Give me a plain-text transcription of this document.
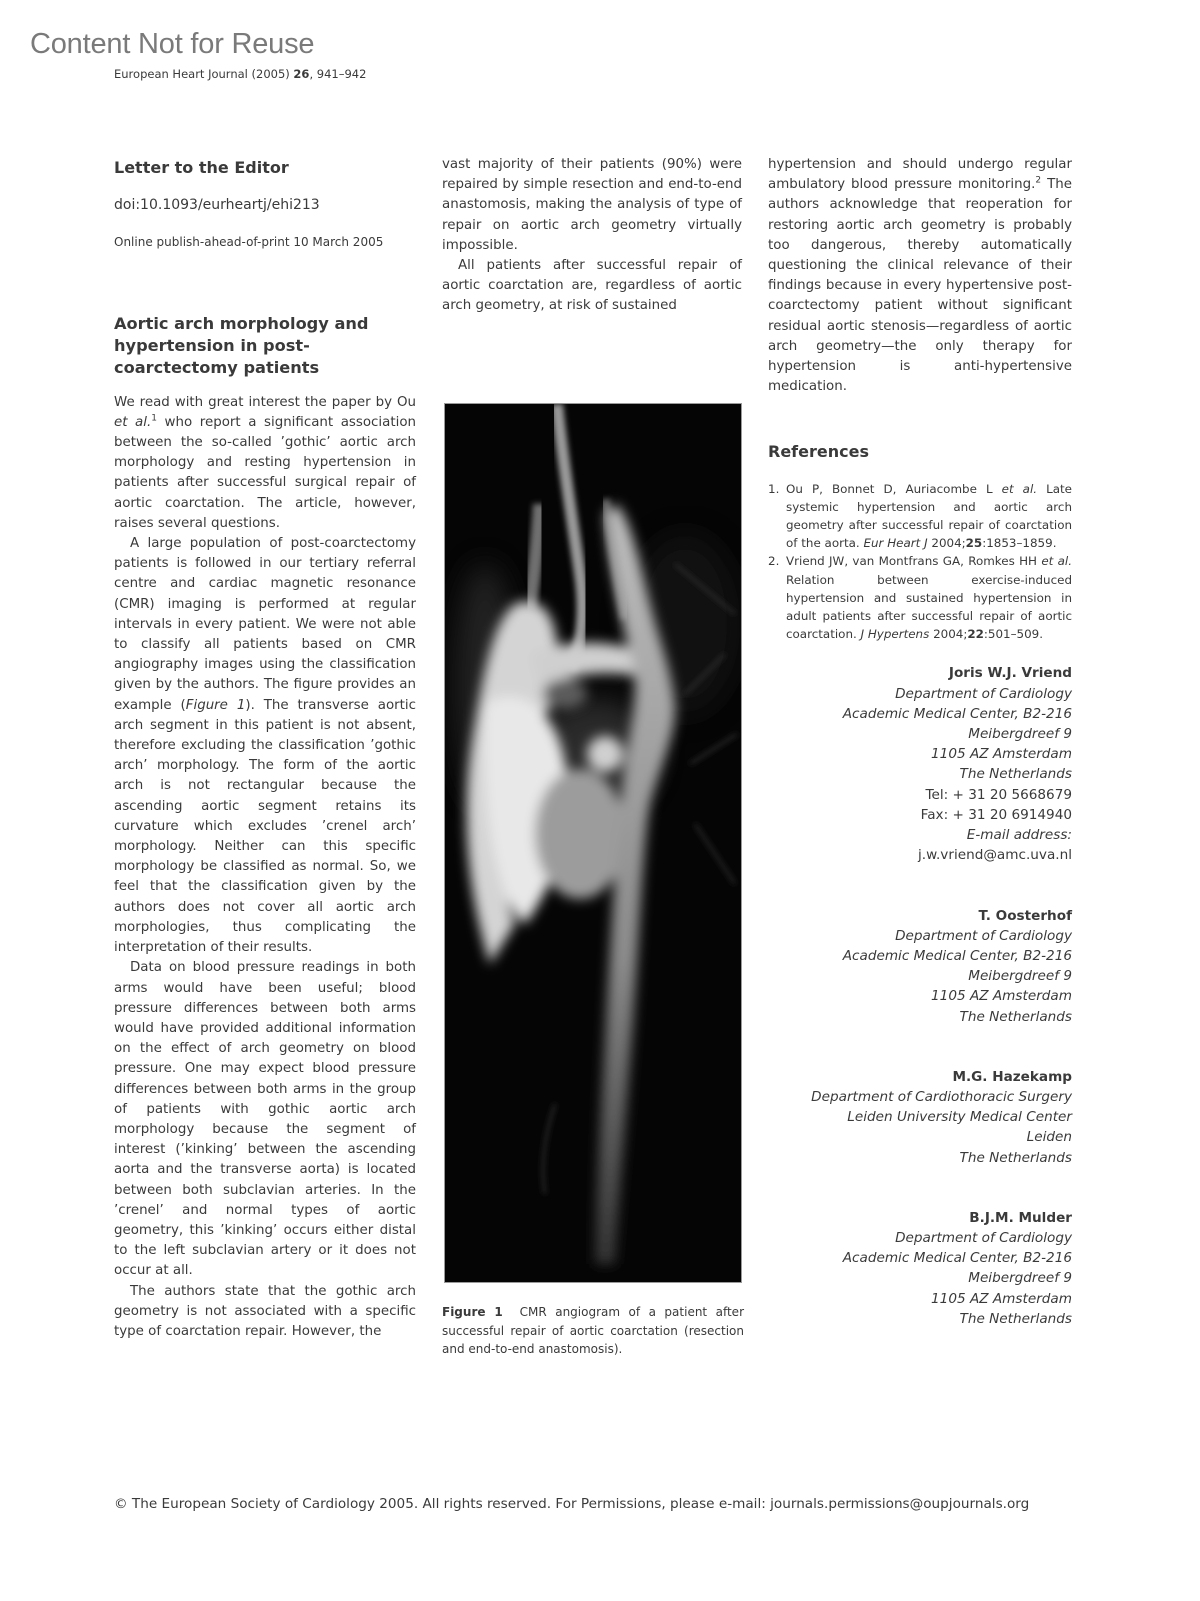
Content Not for Reuse
European Heart Journal (2005) 26, 941–942
Letter to the Editor
doi:10.1093/eurheartj/ehi213
Online publish-ahead-of-print 10 March 2005
Aortic arch morphology and hypertension in post-coarctectomy patients

We read with great interest the paper by Ou et al.$^1$ who report a significant association between the so-called ’gothic’ aortic arch morphology and resting hypertension in patients after successful surgical repair of aortic coarctation. The article, however, raises several questions.

A large population of post-coarctectomy patients is followed in our tertiary referral centre and cardiac magnetic resonance (CMR) imaging is performed at regular intervals in every patient. We were not able to classify all patients based on CMR angiography images using the classification given by the authors. The figure provides an example (Figure 1). The transverse aortic arch segment in this patient is not absent, therefore excluding the classification ’gothic arch’ morphology. The form of the aortic arch is not rectangular because the ascending aortic segment retains its curvature which excludes ’crenel arch’ morphology. Neither can this specific morphology be classified as normal. So, we feel that the classification given by the authors does not cover all aortic arch morphologies, thus complicating the interpretation of their results.

Data on blood pressure readings in both arms would have been useful; blood pressure differences between both arms would have provided additional information on the effect of arch geometry on blood pressure. One may expect blood pressure differences between both arms in the group of patients with gothic aortic arch morphology because the segment of interest (’kinking’ between the ascending aorta and the transverse aorta) is located between both subclavian arteries. In the ’crenel’ and normal types of aortic geometry, this ’kinking’ occurs either distal to the left subclavian artery or it does not occur at all.

The authors state that the gothic arch geometry is not associated with a specific type of coarctation repair. However, the

vast majority of their patients (90%) were repaired by simple resection and end-to-end anastomosis, making the analysis of type of repair on aortic arch geometry virtually impossible.

All patients after successful repair of aortic coarctation are, regardless of aortic arch geometry, at risk of sustained

Figure 1 CMR angiogram of a patient after successful repair of aortic coarctation (resection and end-to-end anastomosis).

hypertension and should undergo regular ambulatory blood pressure monitoring.$^2$ The authors acknowledge that reoperation for restoring aortic arch geometry is probably too dangerous, thereby automatically questioning the clinical relevance of their findings because in every hypertensive post-coarctectomy patient without significant residual aortic stenosis—regardless of aortic arch geometry—the only therapy for hypertension is anti-hypertensive medication.

References
1. Ou P, Bonnet D, Auriacombe L et al. Late systemic hypertension and aortic arch geometry after successful repair of coarctation of the aorta. Eur Heart J 2004;25:1853–1859.
2. Vriend JW, van Montfrans GA, Romkes HH et al. Relation between exercise-induced hypertension and sustained hypertension in adult patients after successful repair of aortic coarctation. J Hypertens 2004;22:501–509.
Joris W.J. Vriend
Department of Cardiology
Academic Medical Center, B2-216
Meibergdreef 9
1105 AZ Amsterdam
The Netherlands
Tel: + 31 20 5668679
Fax: + 31 20 6914940
E-mail address:
j.w.vriend@amc.uva.nl
T. Oosterhof
Department of Cardiology
Academic Medical Center, B2-216
Meibergdreef 9
1105 AZ Amsterdam
The Netherlands
M.G. Hazekamp
Department of Cardiothoracic Surgery
Leiden University Medical Center
Leiden
The Netherlands
B.J.M. Mulder
Department of Cardiology
Academic Medical Center, B2-216
Meibergdreef 9
1105 AZ Amsterdam
The Netherlands
© The European Society of Cardiology 2005. All rights reserved. For Permissions, please e-mail: journals.permissions@oupjournals.org
